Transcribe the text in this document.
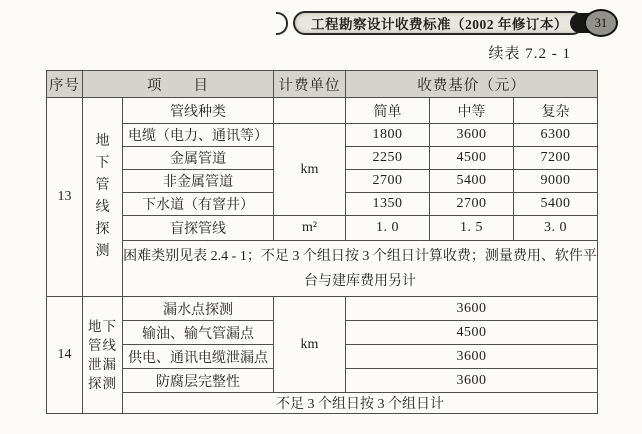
工程勘察设计收费标准（2002 年修订本） 31
续表 7.2 - 1
序号	项　　目		计费单位	收费基价（元）		
13	地下管线探测	管线种类		简单	中等	复杂
		电缆（电力、通讯等）	km	1800	3600	6300
		金属管道		2250	4500	7200
		非金属管道		2700	5400	9000
		下水道（有窨井）		1350	2700	5400
		盲探管线	m²	1. 0	1. 5	3. 0
		困难类别见表 2.4 - 1；不足 3 个组日按 3 个组日计算收费；测量费用、软件平台与建库费用另计				
14	地下管线泄漏探测	漏水点探测	km	3600		
		输油、输气管漏点		4500		
		供电、通讯电缆泄漏点		3600		
		防腐层完整性		3600		
		不足 3 个组日按 3 个组日计				
